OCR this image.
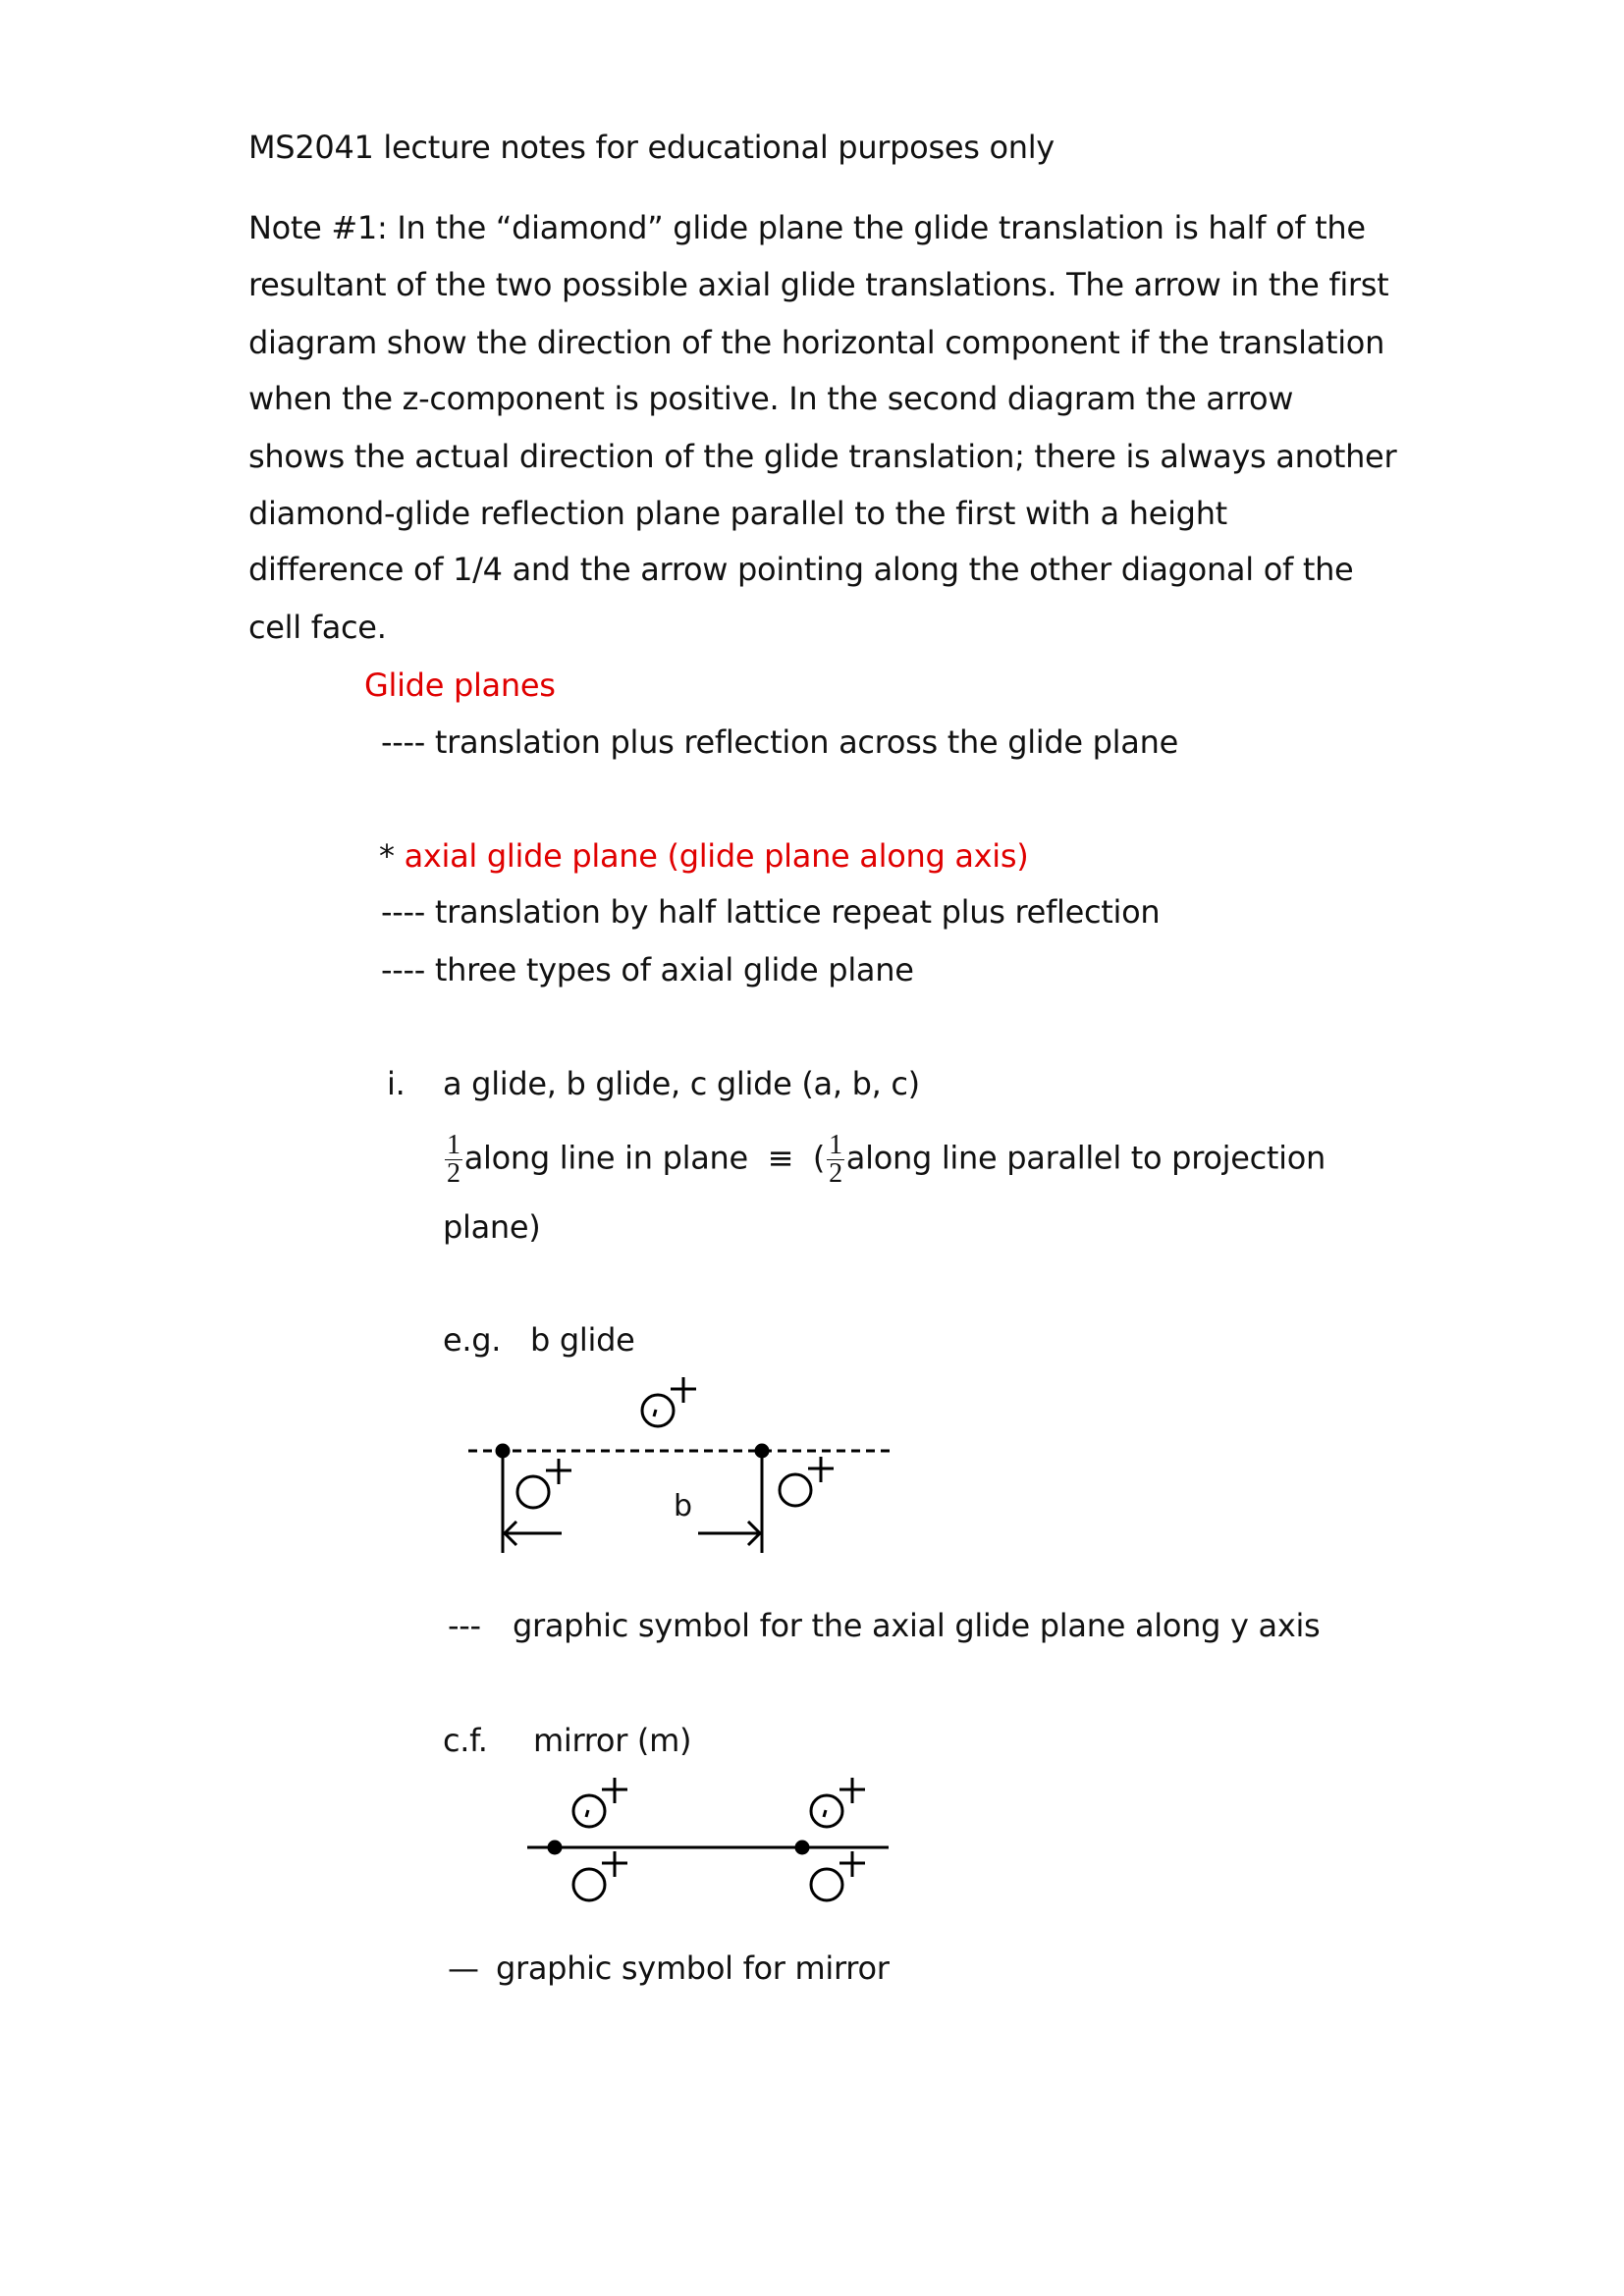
MS2041 lecture notes for educational purposes only
Note #1: In the “diamond” glide plane the glide translation is half of the
resultant of the two possible axial glide translations. The arrow in the first
diagram show the direction of the horizontal component if the translation
when the z-component is positive. In the second diagram the arrow
shows the actual direction of the glide translation; there is always another
diamond-glide reflection plane parallel to the first with a height
difference of 1/4 and the arrow pointing along the other diagonal of the
cell face.
Glide planes
---- translation plus reflection across the glide plane
* axial glide plane (glide plane along axis)
---- translation by half lattice repeat plus reflection
---- three types of axial glide plane
i. a glide, b glide, c glide (a, b, c)
$\frac{1}{2}$ along line in plane  ≡  ( $\frac{1}{2}$ along line parallel to projection
plane)
e.g. b glide
b
--- graphic symbol for the axial glide plane along y axis
c.f. mirror (m)
— graphic symbol for mirror
